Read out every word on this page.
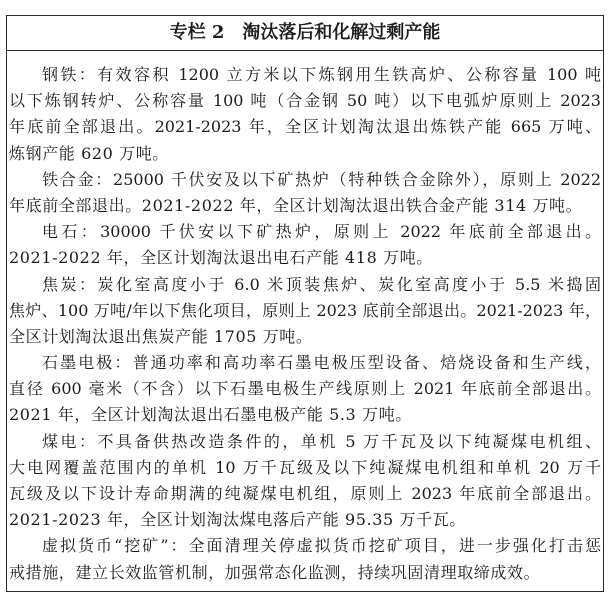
专栏 2　淘汰落后和化解过剩产能
钢铁：有效容积 1200 立方米以下炼钢用生铁高炉、公称容量 100 吨
以下炼钢转炉、公称容量 100 吨（合金钢 50 吨）以下电弧炉原则上 2023
年底前全部退出。2021-2023 年，全区计划淘汰退出炼铁产能 665 万吨、
炼钢产能 620 万吨。
铁合金：25000 千伏安及以下矿热炉（特种铁合金除外），原则上 2022
年底前全部退出。2021-2022 年，全区计划淘汰退出铁合金产能 314 万吨。
电石：30000 千伏安以下矿热炉，原则上 2022 年底前全部退出。
2021-2022 年，全区计划淘汰退出电石产能 418 万吨。
焦炭：炭化室高度小于 6.0 米顶装焦炉、炭化室高度小于 5.5 米捣固
焦炉、100 万吨/年以下焦化项目，原则上 2023 底前全部退出。2021-2023 年，
全区计划淘汰退出焦炭产能 1705 万吨。
石墨电极：普通功率和高功率石墨电极压型设备、焙烧设备和生产线，
直径 600 毫米（不含）以下石墨电极生产线原则上 2021 年底前全部退出。
2021 年，全区计划淘汰退出石墨电极产能 5.3 万吨。
煤电：不具备供热改造条件的，单机 5 万千瓦及以下纯凝煤电机组、
大电网覆盖范围内的单机 10 万千瓦级及以下纯凝煤电机组和单机 20 万千
瓦级及以下设计寿命期满的纯凝煤电机组，原则上 2023 年底前全部退出。
2021-2023 年，全区计划淘汰煤电落后产能 95.35 万千瓦。
虚拟货币“挖矿”：全面清理关停虚拟货币挖矿项目，进一步强化打击惩
戒措施，建立长效监管机制，加强常态化监测，持续巩固清理取缔成效。
